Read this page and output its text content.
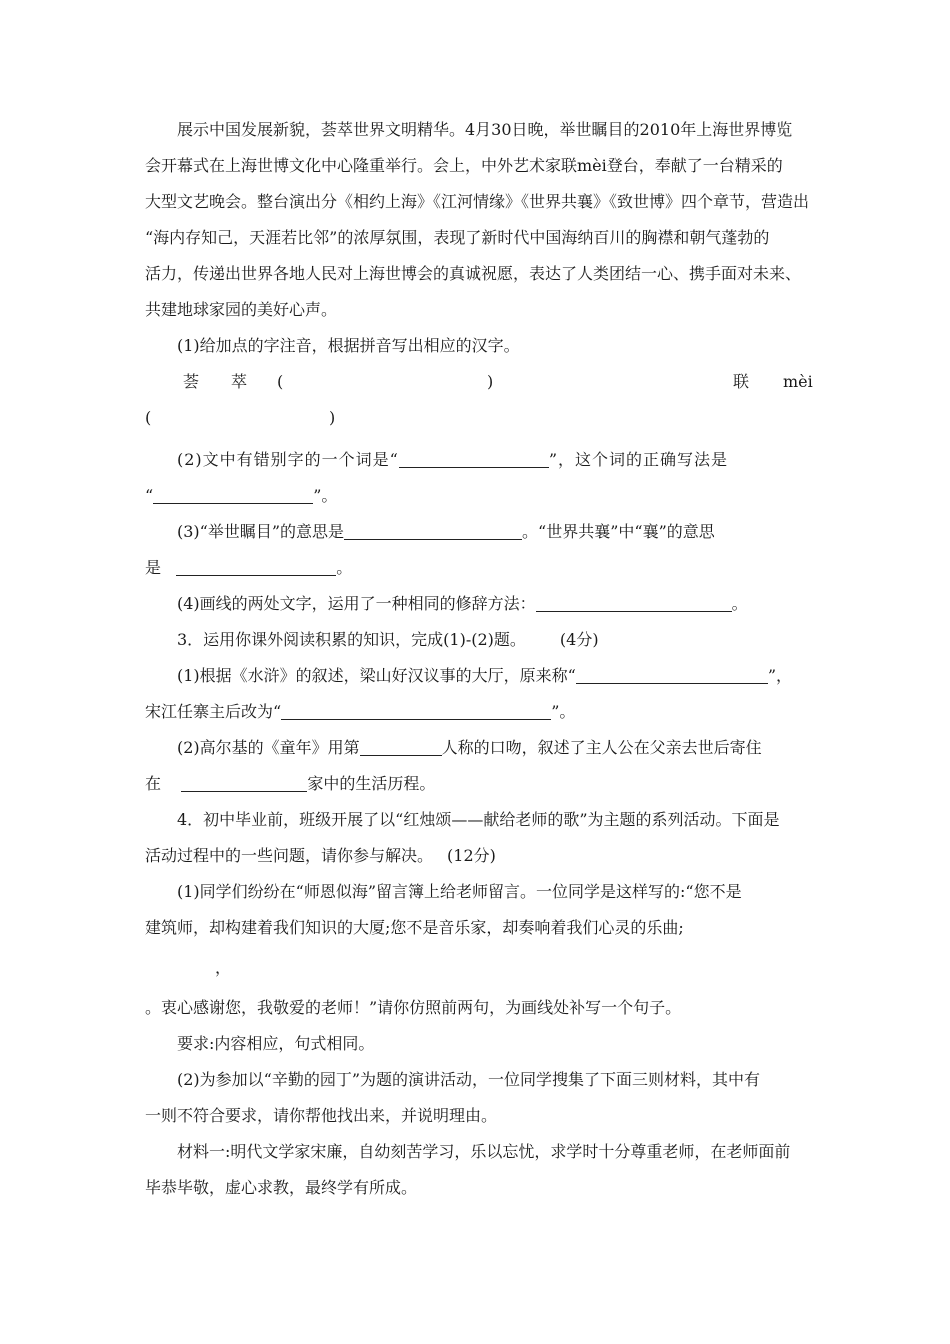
展示中国发展新貌，荟萃世界文明精华。4月30日晚，举世瞩目的2010年上海世界博览
会开幕式在上海世博文化中心隆重举行。会上，中外艺术家联mèi登台，奉献了一台精采的
大型文艺晚会。整台演出分《相约上海》《江河情缘》《世界共襄》《致世博》四个章节，营造出
“海内存知己，天涯若比邻”的浓厚氛围，表现了新时代中国海纳百川的胸襟和朝气蓬勃的
活力，传递出世界各地人民对上海世博会的真诚祝愿，表达了人类团结一心、携手面对未来、
共建地球家园的美好心声。
(1)给加点的字注音，根据拼音写出相应的汉字。
荟 萃 (	)	联 mèi
(	)
(2)文中有错别字的一个词是“	”，这个词的正确写法是
“	”。
(3)“举世瞩目”的意思是	。“世界共襄”中“襄”的意思
是	。
(4)画线的两处文字，运用了一种相同的修辞方法：	。
3．运用你课外阅读积累的知识，完成(1)-(2)题。 (4分)
(1)根据《水浒》的叙述，梁山好汉议事的大厅，原来称“	”，
宋江任寨主后改为“	”。
(2)高尔基的《童年》用第	人称的口吻，叙述了主人公在父亲去世后寄住
在	家中的生活历程。
4．初中毕业前，班级开展了以“红烛颂——献给老师的歌”为主题的系列活动。下面是
活动过程中的一些问题，请你参与解决。 (12分)
(1)同学们纷纷在“师恩似海”留言簿上给老师留言。一位同学是这样写的:“您不是
建筑师，却构建着我们知识的大厦;您不是音乐家，却奏响着我们心灵的乐曲;
，
。衷心感谢您，我敬爱的老师！”请你仿照前两句，为画线处补写一个句子。
要求:内容相应，句式相同。
(2)为参加以“辛勤的园丁”为题的演讲活动，一位同学搜集了下面三则材料，其中有
一则不符合要求，请你帮他找出来，并说明理由。
材料一:明代文学家宋廉，自幼刻苦学习，乐以忘忧，求学时十分尊重老师，在老师面前
毕恭毕敬，虚心求教，最终学有所成。
